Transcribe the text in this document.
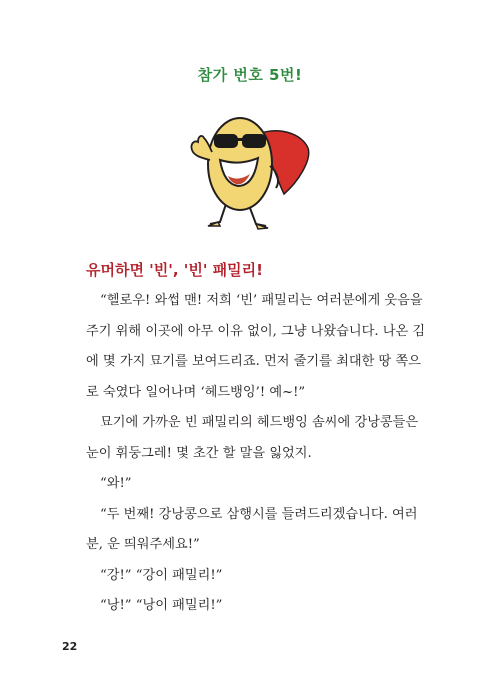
참가 번호 5번!
유머하면 '빈', '빈' 패밀리!

“헬로우! 와썹 맨! 저희 ‘빈’ 패밀리는 여러분에게 웃음을 주기 위해 이곳에 아무 이유 없이, 그냥 나왔습니다. 나온 김에 몇 가지 묘기를 보여드리죠. 먼저 줄기를 최대한 땅 쪽으로 숙였다 일어나며 ‘헤드뱅잉’! 예~!”

묘기에 가까운 빈 패밀리의 헤드뱅잉 솜씨에 강낭콩들은 눈이 휘둥그레! 몇 초간 할 말을 잃었지.

“와!”

“두 번째! 강낭콩으로 삼행시를 들려드리겠습니다. 여러분, 운 띄워주세요!”

“강!” “강이 패밀리!”

“낭!” “낭이 패밀리!”

22
